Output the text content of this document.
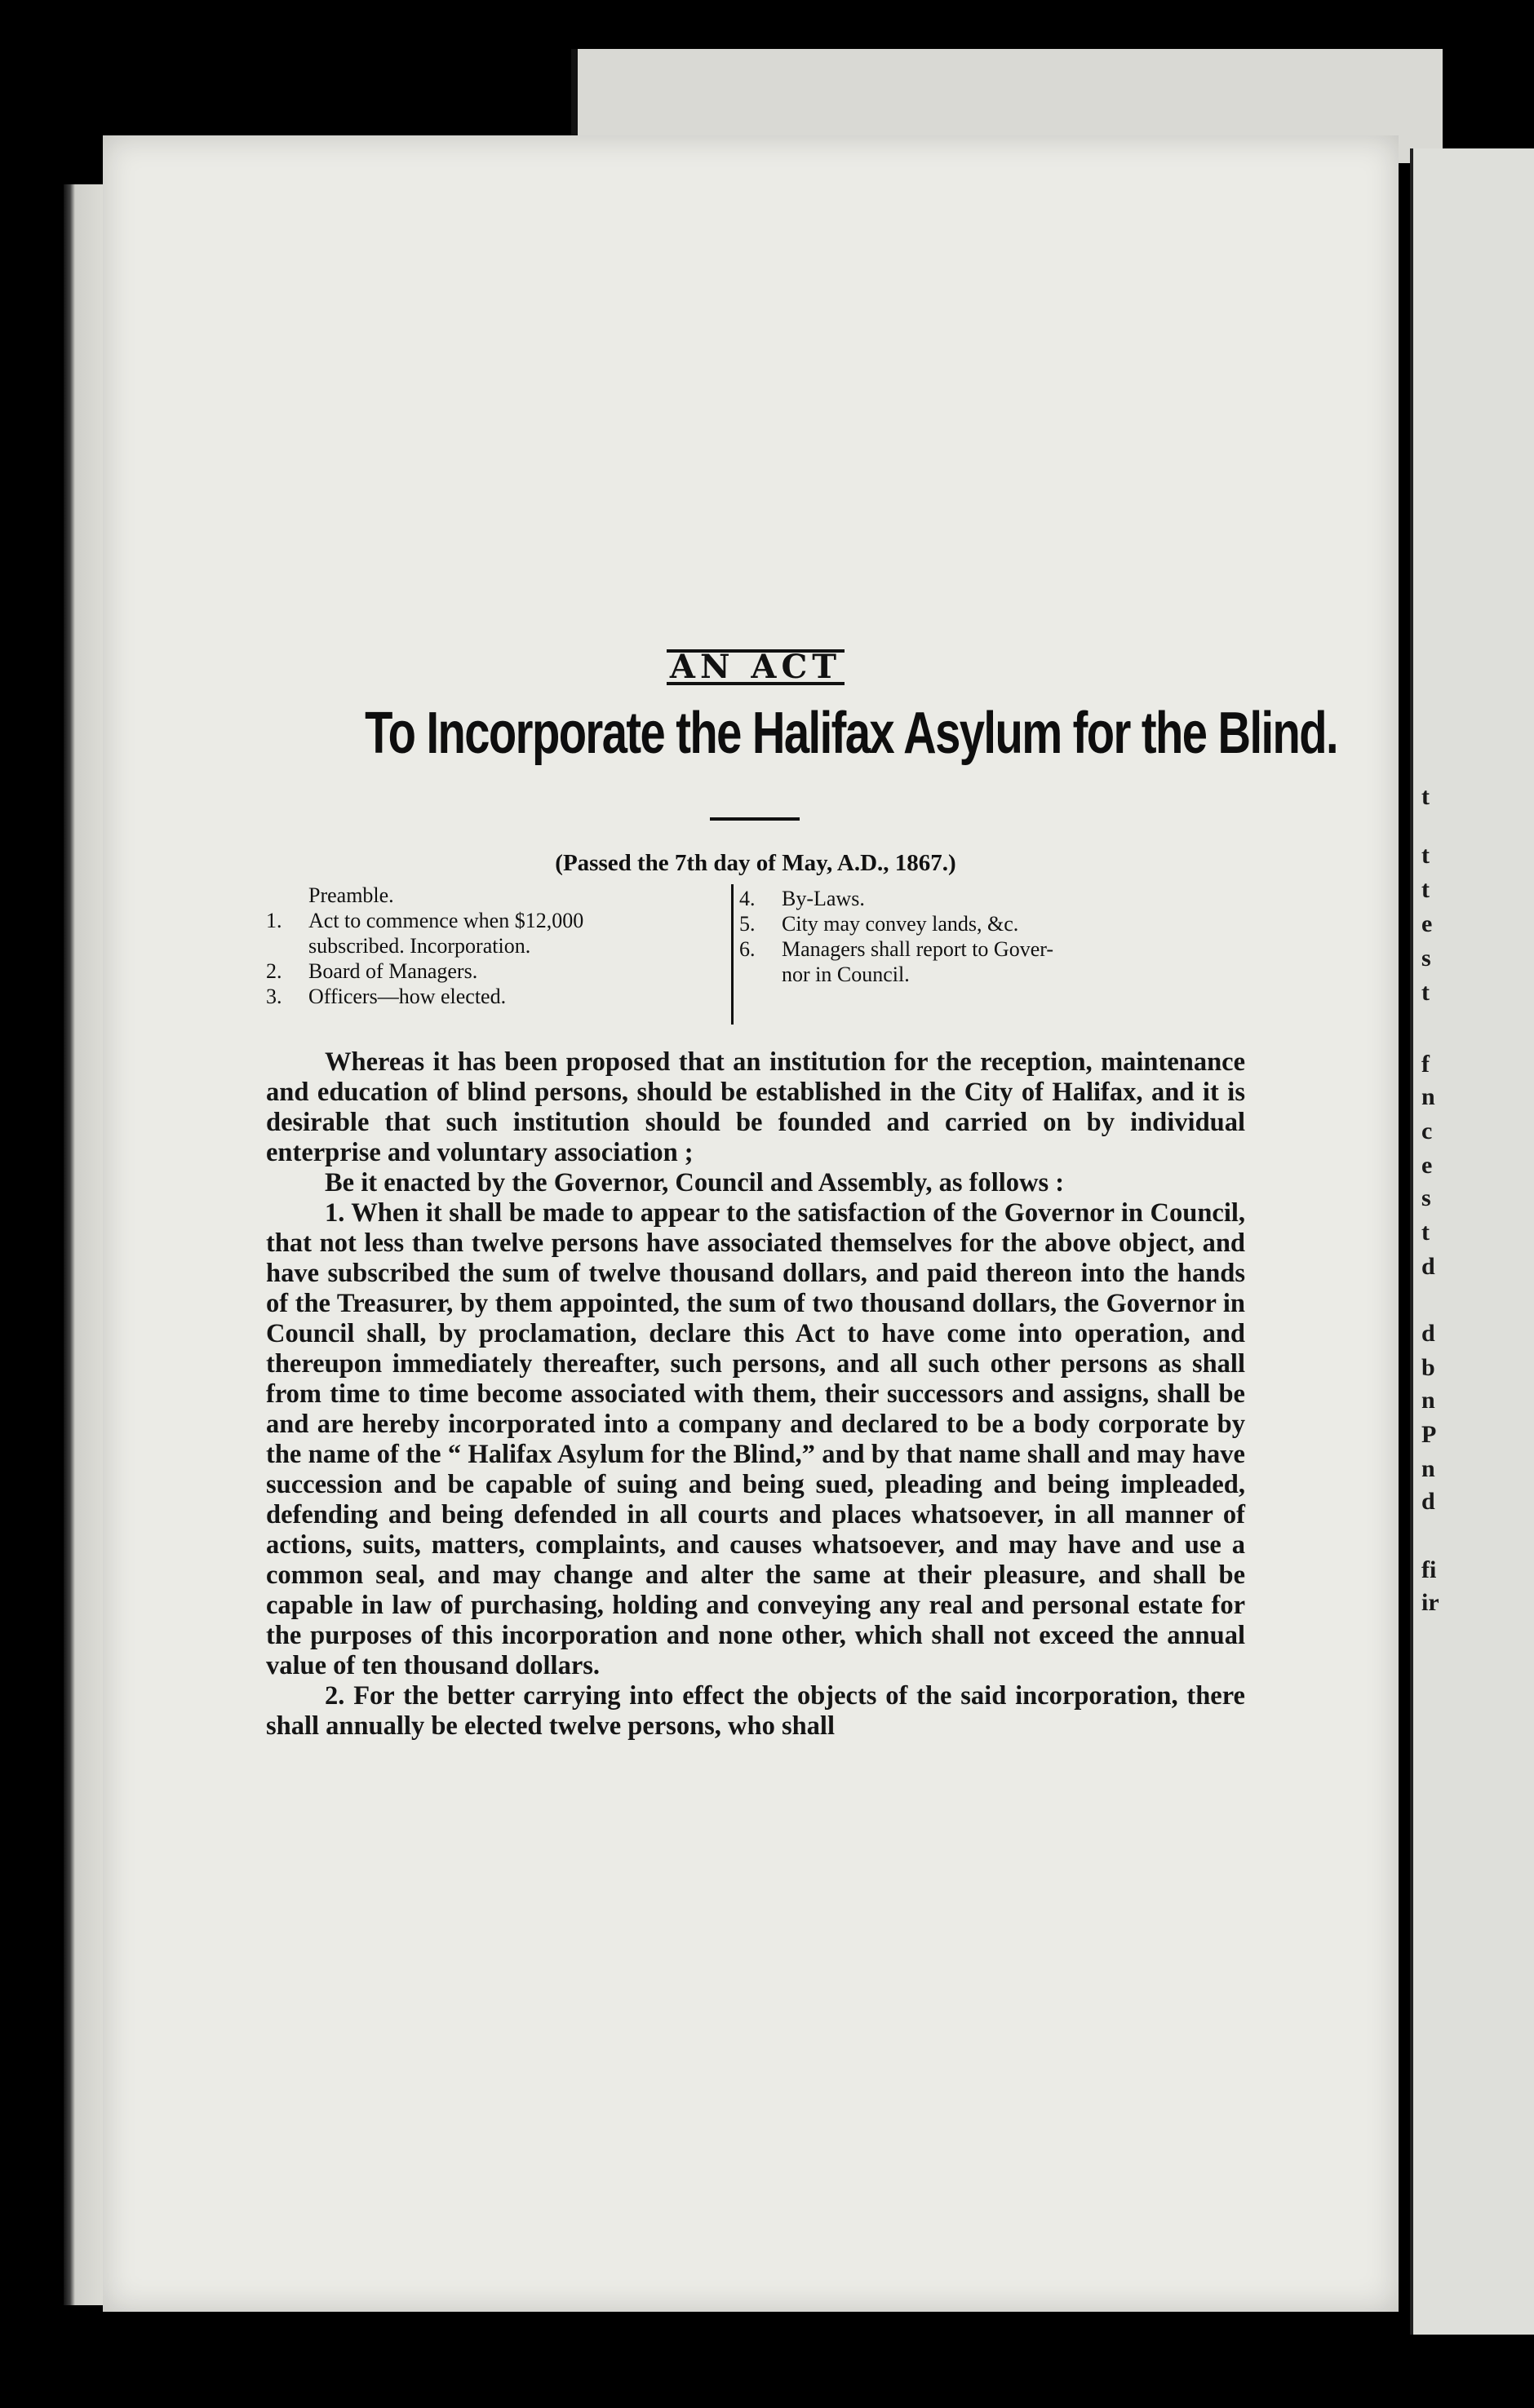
t
t
t
e
s
t
f
n
c
e
s
t
d
d
b
n
P
n
d
fi
ir
AN ACT
To Incorporate the Halifax Asylum for the Blind.
(Passed the 7th day of May, A.D., 1867.)
Preamble.
1.	Act to commence when $12,000
subscribed. Incorporation.
2.	Board of Managers.
3.	Officers—how elected.
4.	By-Laws.
5.	City may convey lands, &c.
6.	Managers shall report to Gover-
nor in Council.

Whereas it has been proposed that an institution for the reception, maintenance and education of blind persons, should be established in the City of Halifax, and it is desirable that such institution should be founded and carried on by individual enterprise and voluntary association ;

Be it enacted by the Governor, Council and Assembly, as follows :

1. When it shall be made to appear to the satisfaction of the Governor in Council, that not less than twelve persons have associated themselves for the above object, and have subscribed the sum of twelve thousand dollars, and paid thereon into the hands of the Treasurer, by them appointed, the sum of two thousand dollars, the Governor in Council shall, by proclamation, declare this Act to have come into operation, and thereupon immediately thereafter, such persons, and all such other persons as shall from time to time become associated with them, their successors and assigns, shall be and are hereby incorporated into a company and declared to be a body corporate by the name of the “ Halifax Asylum for the Blind,” and by that name shall and may have succession and be capable of suing and being sued, pleading and being impleaded, defending and being defended in all courts and places whatsoever, in all manner of actions, suits, matters, complaints, and causes whatsoever, and may have and use a common seal, and may change and alter the same at their pleasure, and shall be capable in law of purchasing, holding and conveying any real and personal estate for the purposes of this incorporation and none other, which shall not exceed the annual value of ten thousand dollars.

2. For the better carrying into effect the objects of the said incorporation, there shall annually be elected twelve persons, who shall
